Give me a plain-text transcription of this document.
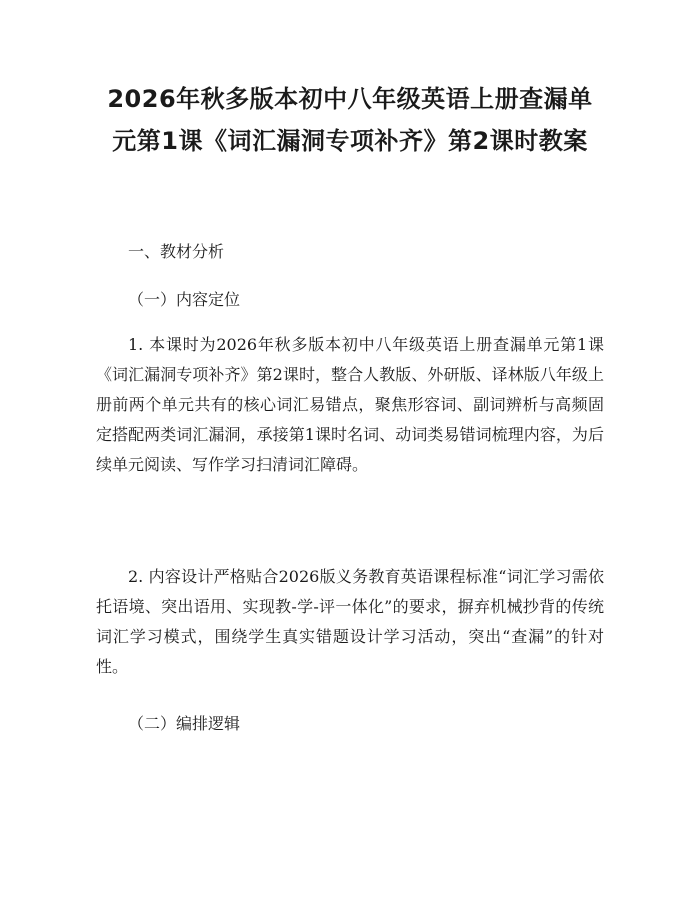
2026年秋多版本初中八年级英语上册查漏单元第1课《词汇漏洞专项补齐》第2课时教案

一、教材分析

（一）内容定位

1. 本课时为2026年秋多版本初中八年级英语上册查漏单元第1课《词汇漏洞专项补齐》第2课时，整合人教版、外研版、译林版八年级上册前两个单元共有的核心词汇易错点，聚焦形容词、副词辨析与高频固定搭配两类词汇漏洞，承接第1课时名词、动词类易错词梳理内容，为后续单元阅读、写作学习扫清词汇障碍。

2. 内容设计严格贴合2026版义务教育英语课程标准“词汇学习需依托语境、突出语用、实现教-学-评一体化”的要求，摒弃机械抄背的传统词汇学习模式，围绕学生真实错题设计学习活动，突出“查漏”的针对性。

（二）编排逻辑
